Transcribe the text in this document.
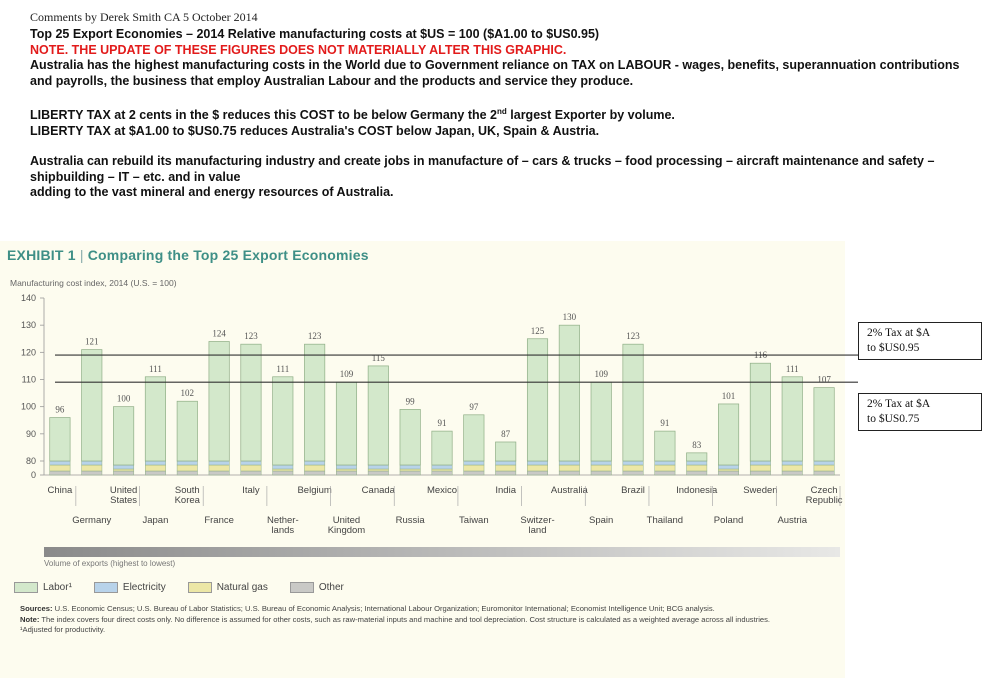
Comments by Derek Smith CA 5 October 2014
Top 25 Export Economies – 2014 Relative manufacturing costs at $US = 100 ($A1.00 to $US0.95)
NOTE. THE UPDATE OF THESE FIGURES DOES NOT MATERIALLY ALTER THIS GRAPHIC.
Australia has the highest manufacturing costs in the World due to Government reliance on TAX on LABOUR - wages, benefits, superannuation contributions and payrolls, the business that employ Australian Labour and the products and service they produce.
LIBERTY TAX at 2 cents in the $ reduces this COST to be below Germany the 2nd largest Exporter by volume.
LIBERTY TAX at $A1.00 to $US0.75 reduces Australia's COST below Japan, UK, Spain & Austria.
Australia can rebuild its manufacturing industry and create jobs in manufacture of – cars & trucks – food processing – aircraft maintenance and safety – shipbuilding – IT – etc. and in value
adding to the vast mineral and energy resources of Australia.
EXHIBIT 1 | Comparing the Top 25 Export Economies
Manufacturing cost index, 2014 (U.S. = 100)
0
80
90
100
110
120
130
140
96
121
100
111
102
124 123
111
123
109
115
99
91
97
87
125
130
109
123
91
83
101
116
111
107
China	United
States
South
Korea
Italy	Belgium	Canada	Mexico	India	Australia	Brazil	Indonesia	Sweden	Czech
Republic
Germany	Japan	France	Nether-
lands
United
Kingdom
Russia	Taiwan	Switzer-
land
Spain	Thailand	Poland	Austria
Volume of exports (highest to lowest)
Labor¹	Electricity	Natural gas	Other
Sources: U.S. Economic Census; U.S. Bureau of Labor Statistics; U.S. Bureau of Economic Analysis; International Labour Organization; Euromonitor International; Economist Intelligence Unit; BCG analysis.
Note: The index covers four direct costs only. No difference is assumed for other costs, such as raw-material inputs and machine and tool depreciation. Cost structure is calculated as a weighted average across all industries.
¹Adjusted for productivity.
2% Tax at $A
to $US0.95
2% Tax at $A
to $US0.75
